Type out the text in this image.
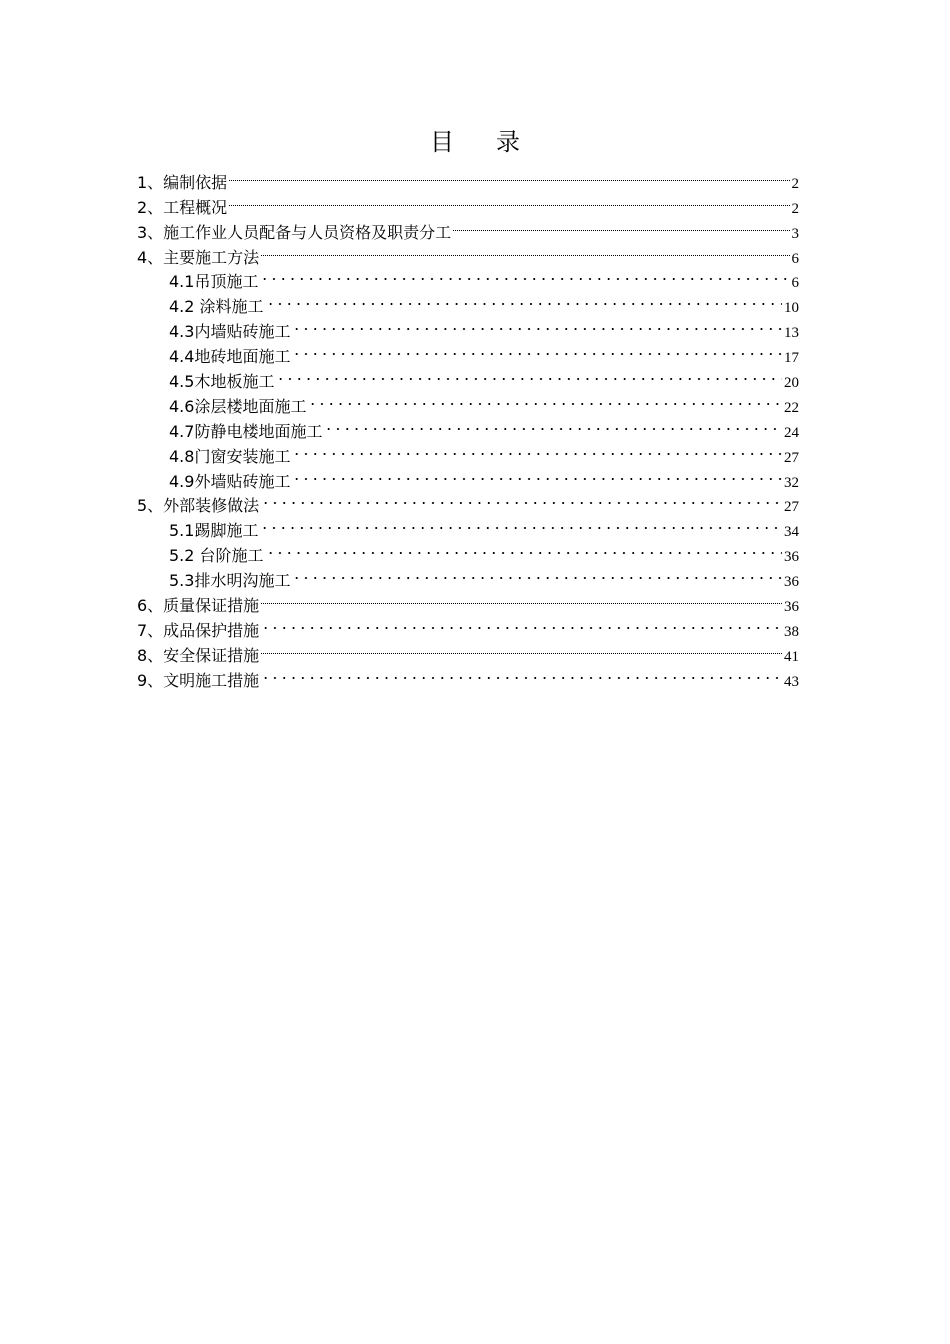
目 录
1、编制依据	2
2、工程概况	2
3、施工作业人员配备与人员资格及职责分工	3
4、主要施工方法	6
4.1吊顶施工	6
4.2 涂料施工	10
4.3内墙贴砖施工	13
4.4地砖地面施工	17
4.5木地板施工	20
4.6涂层楼地面施工	22
4.7防静电楼地面施工	24
4.8门窗安装施工	27
4.9外墙贴砖施工	32
5、外部装修做法	27
5.1踢脚施工	34
5.2 台阶施工	36
5.3排水明沟施工	36
6、质量保证措施	36
7、成品保护措施	38
8、安全保证措施	41
9、文明施工措施	43
